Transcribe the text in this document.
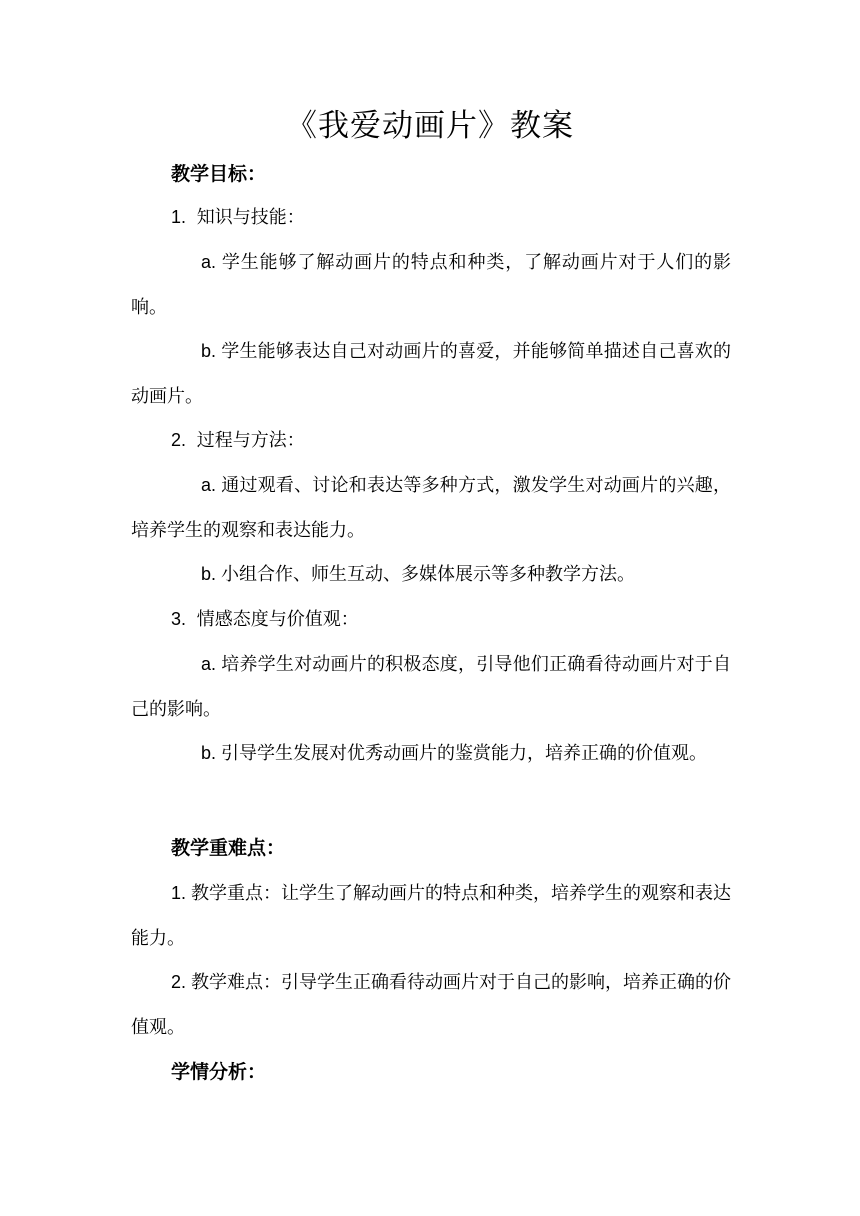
《我爱动画片》教案
教学目标：

1. 知识与技能：

a. 学生能够了解动画片的特点和种类，了解动画片对于人们的影响。

b. 学生能够表达自己对动画片的喜爱，并能够简单描述自己喜欢的动画片。

2. 过程与方法：

a. 通过观看、讨论和表达等多种方式，激发学生对动画片的兴趣，培养学生的观察和表达能力。

b. 小组合作、师生互动、多媒体展示等多种教学方法。

3. 情感态度与价值观：

a. 培养学生对动画片的积极态度，引导他们正确看待动画片对于自己的影响。

b. 引导学生发展对优秀动画片的鉴赏能力，培养正确的价值观。

教学重难点：

1. 教学重点：让学生了解动画片的特点和种类，培养学生的观察和表达能力。

2. 教学难点：引导学生正确看待动画片对于自己的影响，培养正确的价值观。

学情分析：
